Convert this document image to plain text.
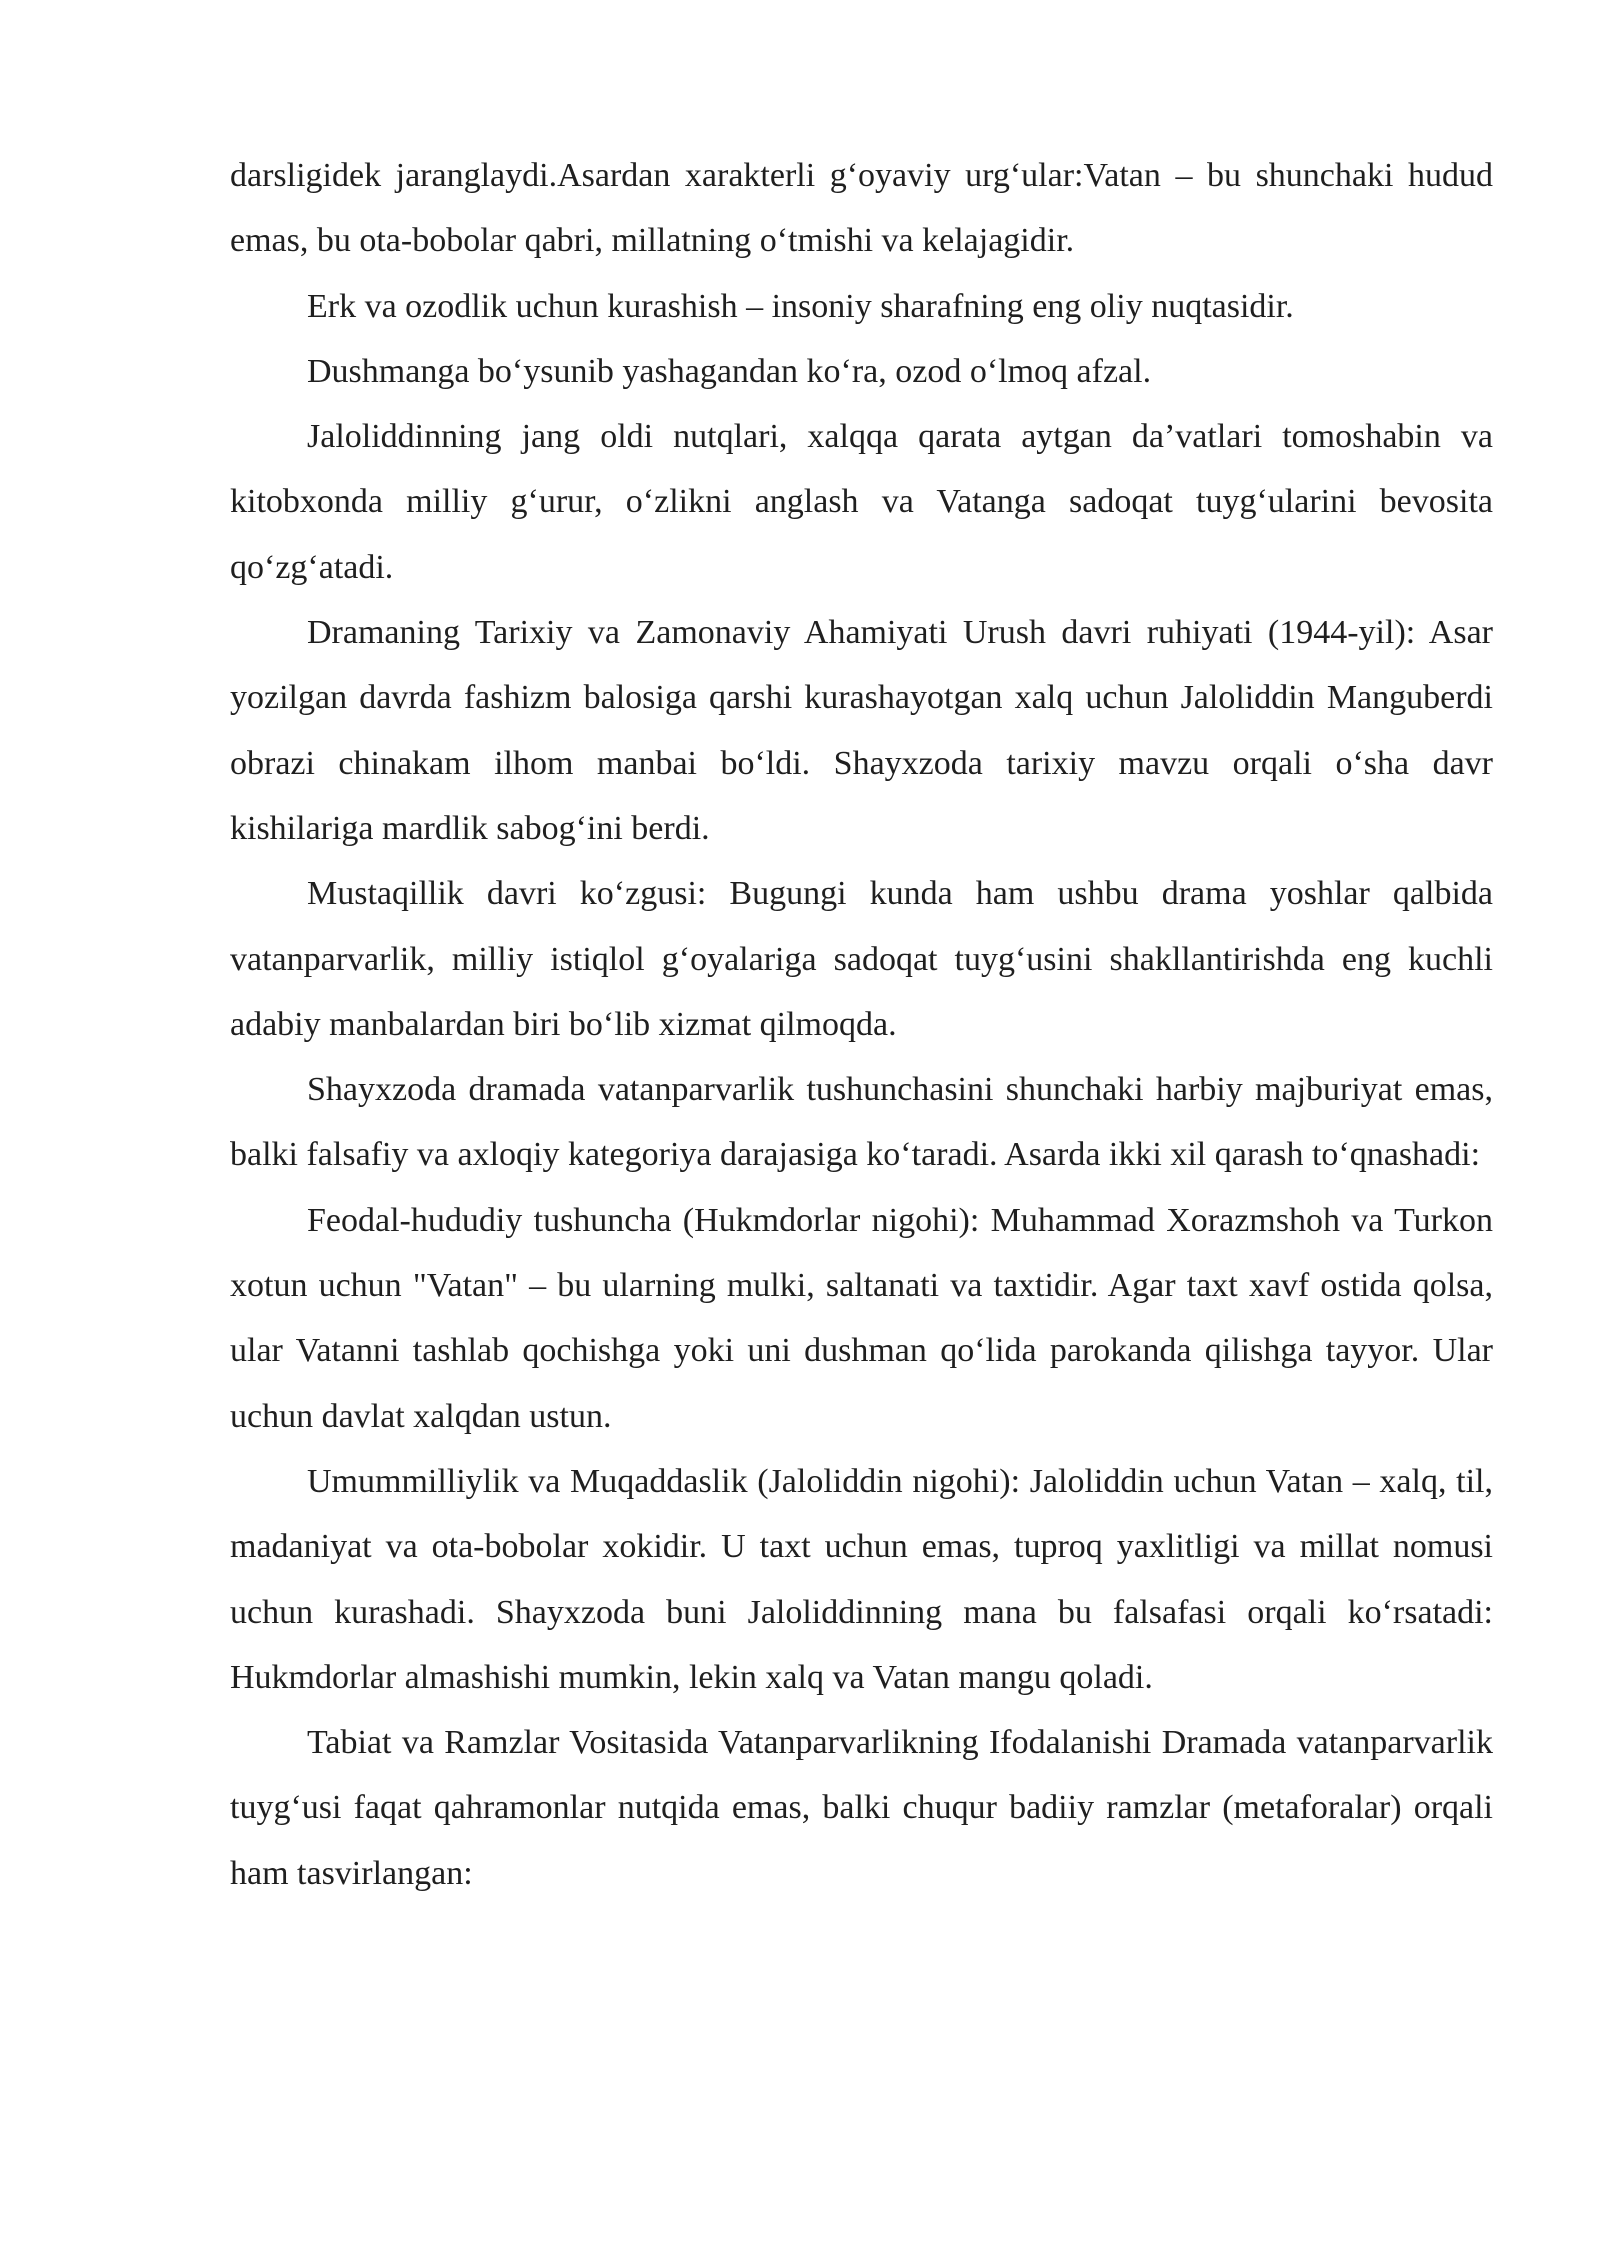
darsligidek jaranglaydi.Asardan xarakterli g‘oyaviy urg‘ular:Vatan – bu shunchaki hudud emas, bu ota-bobolar qabri, millatning o‘tmishi va kelajagidir.

Erk va ozodlik uchun kurashish – insoniy sharafning eng oliy nuqtasidir.

Dushmanga bo‘ysunib yashagandan ko‘ra, ozod o‘lmoq afzal.

Jaloliddinning jang oldi nutqlari, xalqqa qarata aytgan da’vatlari tomoshabin va kitobxonda milliy g‘urur, o‘zlikni anglash va Vatanga sadoqat tuyg‘ularini bevosita qo‘zg‘atadi.

Dramaning Tarixiy va Zamonaviy Ahamiyati Urush davri ruhiyati (1944-yil): Asar yozilgan davrda fashizm balosiga qarshi kurashayotgan xalq uchun Jaloliddin Manguberdi obrazi chinakam ilhom manbai bo‘ldi. Shayxzoda tarixiy mavzu orqali o‘sha davr kishilariga mardlik sabog‘ini berdi.

Mustaqillik davri ko‘zgusi: Bugungi kunda ham ushbu drama yoshlar qalbida vatanparvarlik, milliy istiqlol g‘oyalariga sadoqat tuyg‘usini shakllantirishda eng kuchli adabiy manbalardan biri bo‘lib xizmat qilmoqda.

Shayxzoda dramada vatanparvarlik tushunchasini shunchaki harbiy majburiyat emas, balki falsafiy va axloqiy kategoriya darajasiga ko‘taradi. Asarda ikki xil qarash to‘qnashadi:

Feodal-hududiy tushuncha (Hukmdorlar nigohi): Muhammad Xorazmshoh va Turkon xotun uchun "Vatan" – bu ularning mulki, saltanati va taxtidir. Agar taxt xavf ostida qolsa, ular Vatanni tashlab qochishga yoki uni dushman qo‘lida parokanda qilishga tayyor. Ular uchun davlat xalqdan ustun.

Umummilliylik va Muqaddaslik (Jaloliddin nigohi): Jaloliddin uchun Vatan – xalq, til, madaniyat va ota-bobolar xokidir. U taxt uchun emas, tuproq yaxlitligi va millat nomusi uchun kurashadi. Shayxzoda buni Jaloliddinning mana bu falsafasi orqali ko‘rsatadi: Hukmdorlar almashishi mumkin, lekin xalq va Vatan mangu qoladi.

Tabiat va Ramzlar Vositasida Vatanparvarlikning Ifodalanishi Dramada vatanparvarlik tuyg‘usi faqat qahramonlar nutqida emas, balki chuqur badiiy ramzlar (metaforalar) orqali ham tasvirlangan:
